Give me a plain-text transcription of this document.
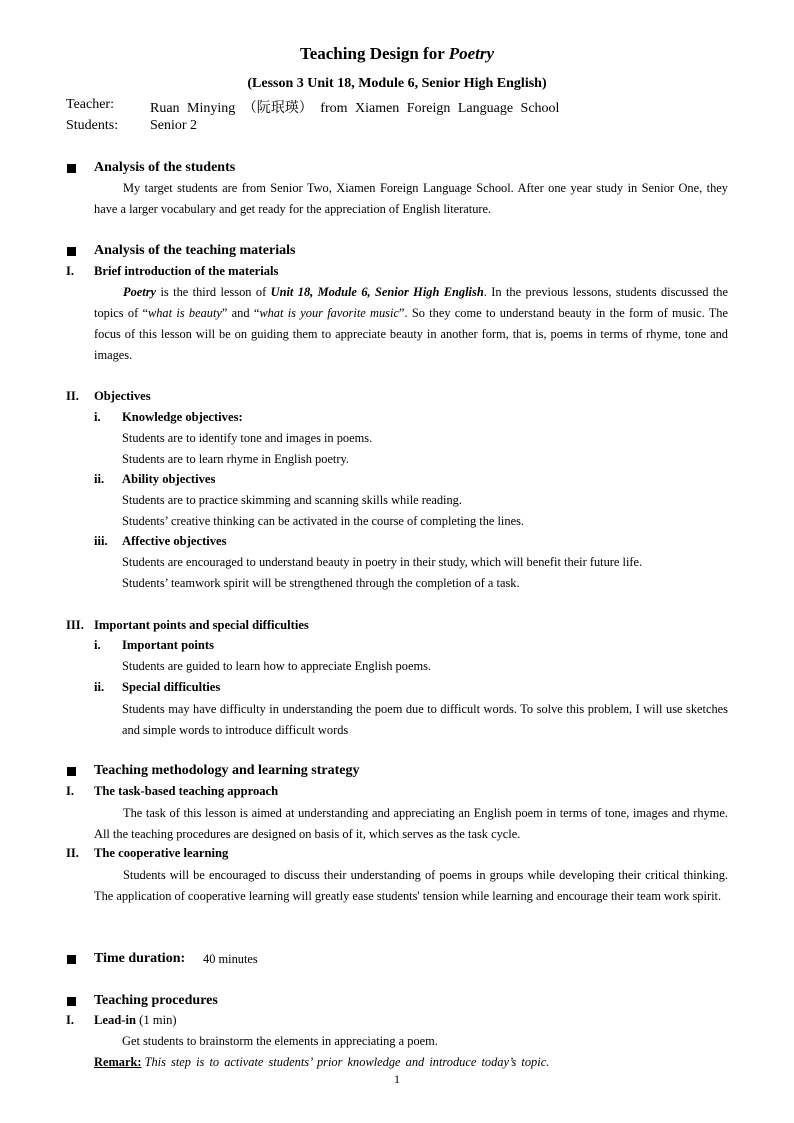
Teaching Design for Poetry
(Lesson 3 Unit 18, Module 6, Senior High English)
Teacher:	Ruan Minying （阮珉瑛） from Xiamen Foreign Language School
Students: Senior 2
Analysis of the students

My target students are from Senior Two, Xiamen Foreign Language School. After one year study in Senior One, they have a larger vocabulary and get ready for the appreciation of English literature.

Analysis of the teaching materials
I. Brief introduction of the materials

Poetry is the third lesson of Unit 18, Module 6, Senior High English. In the previous lessons, students discussed the topics of “what is beauty” and “what is your favorite music”. So they come to understand beauty in the form of music. The focus of this lesson will be on guiding them to appreciate beauty in another form, that is, poems in terms of rhyme, tone and images.

II. Objectives
i. Knowledge objectives:
Students are to identify tone and images in poems.
Students are to learn rhyme in English poetry.
ii. Ability objectives
Students are to practice skimming and scanning skills while reading.
Students’ creative thinking can be activated in the course of completing the lines.
iii. Affective objectives
Students are encouraged to understand beauty in poetry in their study, which will benefit their future life.
Students’ teamwork spirit will be strengthened through the completion of a task.
III. Important points and special difficulties
i. Important points
Students are guided to learn how to appreciate English poems.
ii. Special difficulties

Students may have difficulty in understanding the poem due to difficult words. To solve this problem, I will use sketches and simple words to introduce difficult words

Teaching methodology and learning strategy
I. The task-based teaching approach

The task of this lesson is aimed at understanding and appreciating an English poem in terms of tone, images and rhyme. All the teaching procedures are designed on basis of it, which serves as the task cycle.

II. The cooperative learning

Students will be encouraged to discuss their understanding of poems in groups while developing their critical thinking. The application of cooperative learning will greatly ease students' tension while learning and encourage their team work spirit.

Time duration: 40 minutes
Teaching procedures
I. Lead-in (1 min)
Get students to brainstorm the elements in appreciating a poem.
Remark: This step is to activate students’ prior knowledge and introduce today’s topic.
1
